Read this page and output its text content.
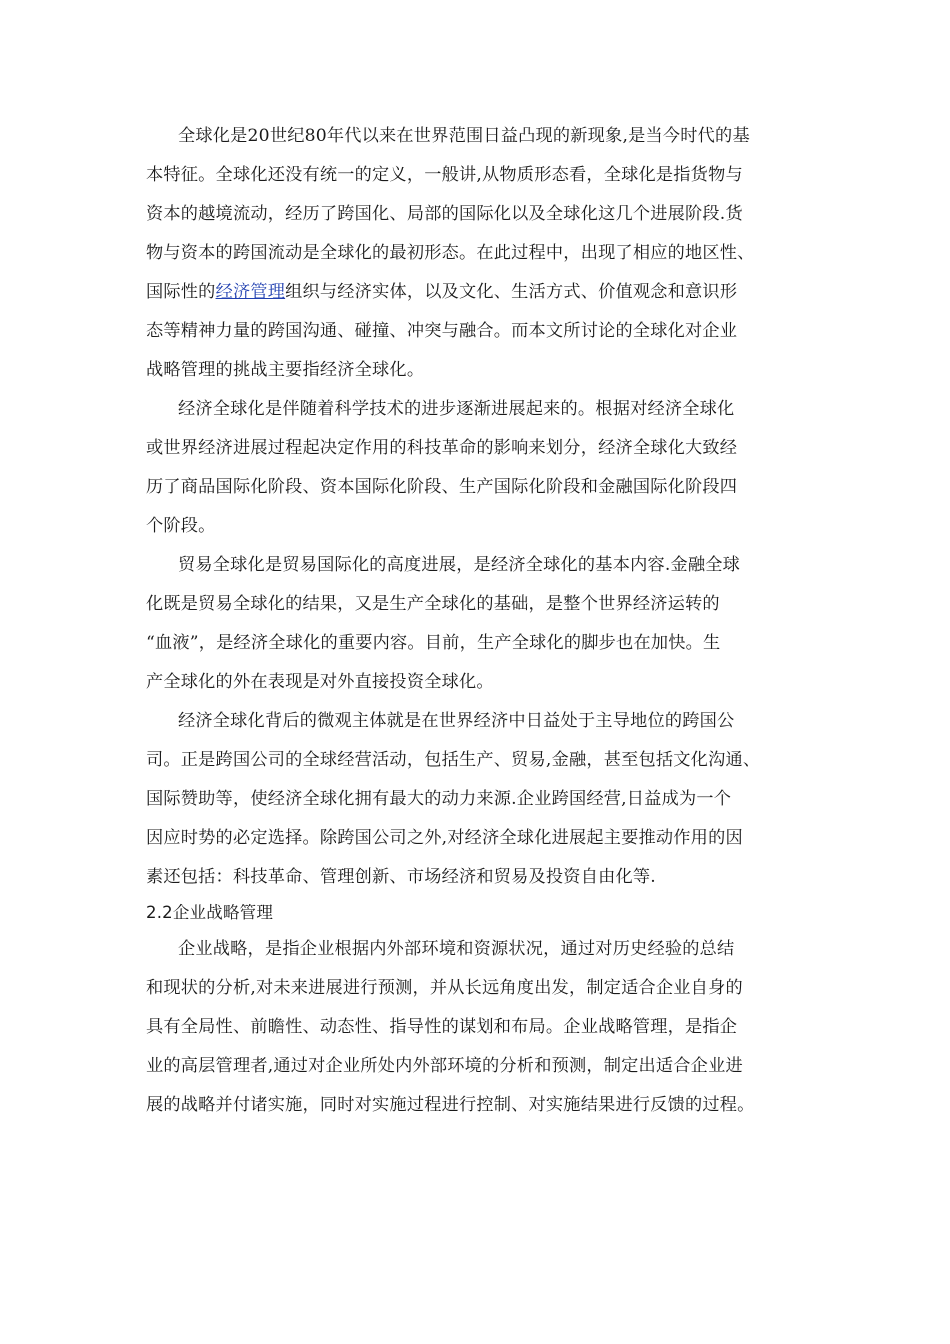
全球化是20世纪80年代以来在世界范围日益凸现的新现象,是当今时代的基
本特征。全球化还没有统一的定义，一般讲,从物质形态看，全球化是指货物与
资本的越境流动，经历了跨国化、局部的国际化以及全球化这几个进展阶段.货
物与资本的跨国流动是全球化的最初形态。在此过程中，出现了相应的地区性、
国际性的经济管理组织与经济实体，以及文化、生活方式、价值观念和意识形
态等精神力量的跨国沟通、碰撞、冲突与融合。而本文所讨论的全球化对企业
战略管理的挑战主要指经济全球化。
经济全球化是伴随着科学技术的进步逐渐进展起来的。根据对经济全球化
或世界经济进展过程起决定作用的科技革命的影响来划分，经济全球化大致经
历了商品国际化阶段、资本国际化阶段、生产国际化阶段和金融国际化阶段四
个阶段。
贸易全球化是贸易国际化的高度进展，是经济全球化的基本内容.金融全球
化既是贸易全球化的结果，又是生产全球化的基础，是整个世界经济运转的
“血液”，是经济全球化的重要内容。目前，生产全球化的脚步也在加快。生
产全球化的外在表现是对外直接投资全球化。
经济全球化背后的微观主体就是在世界经济中日益处于主导地位的跨国公
司。正是跨国公司的全球经营活动，包括生产、贸易,金融，甚至包括文化沟通、
国际赞助等，使经济全球化拥有最大的动力来源.企业跨国经营,日益成为一个
因应时势的必定选择。除跨国公司之外,对经济全球化进展起主要推动作用的因
素还包括：科技革命、管理创新、市场经济和贸易及投资自由化等.
2.2企业战略管理
企业战略，是指企业根据内外部环境和资源状况，通过对历史经验的总结
和现状的分析,对未来进展进行预测，并从长远角度出发，制定适合企业自身的
具有全局性、前瞻性、动态性、指导性的谋划和布局。企业战略管理，是指企
业的高层管理者,通过对企业所处内外部环境的分析和预测，制定出适合企业进
展的战略并付诸实施，同时对实施过程进行控制、对实施结果进行反馈的过程。
